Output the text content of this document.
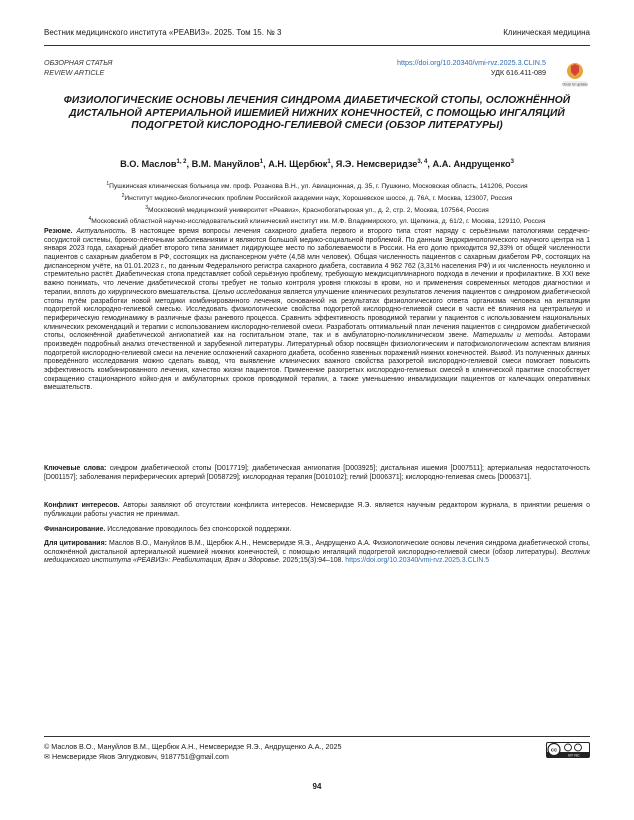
Вестник медицинского института «РЕАВИЗ». 2025. Том 15. № 3	Клиническая медицина
ОБЗОРНАЯ СТАТЬЯ
REVIEW ARTICLE
https://doi.org/10.20340/vmi-rvz.2025.3.CLIN.5
УДК 616.411-089
Check for updates
ФИЗИОЛОГИЧЕСКИЕ ОСНОВЫ ЛЕЧЕНИЯ СИНДРОМА ДИАБЕТИЧЕСКОЙ СТОПЫ, ОСЛОЖНЁННОЙ ДИСТАЛЬНОЙ АРТЕРИАЛЬНОЙ ИШЕМИЕЙ НИЖНИХ КОНЕЧНОСТЕЙ, С ПОМОЩЬЮ ИНГАЛЯЦИЙ ПОДОГРЕТОЙ КИСЛОРОДНО-ГЕЛИЕВОЙ СМЕСИ (ОБЗОР ЛИТЕРАТУРЫ)
В.О. Маслов$^{1, 2}$, В.М. Мануйлов$^1$, А.Н. Щербюк$^1$, Я.Э. Немсверидзе$^{3, 4}$, А.А. Андрущенко$^3$
$^1$Пушкинская клиническая больница им. проф. Розанова В.Н., ул. Авиационная, д. 35, г. Пушкино, Московская область, 141206, Россия
$^2$Институт медико-биологических проблем Российской академии наук, Хорошевское шоссе, д. 76А, г. Москва, 123007, Россия
$^3$Московский медицинский университет «Реавиз», Краснобогатырская ул., д. 2, стр. 2, Москва, 107564, Россия
$^4$Московский областной научно-исследовательский клинический институт им. М.Ф. Владимирского, ул. Щепкина, д. 61/2, г. Москва, 129110, Россия
Резюме. Актуальность. В настоящее время вопросы лечения сахарного диабета первого и второго типа стоят наряду с серьёзными патологиями сердечно-сосудистой системы, бронхо-лёгочными заболеваниями и являются большой медико-социальной проблемой. По данным Эндокринологического научного центра на 1 января 2023 года, сахарный диабет второго типа занимает лидирующее место по заболеваемости в России. На его долю приходится 92,33% от общей численности пациентов с сахарным диабетом в РФ, состоящих на диспансерном учёте (4,58 млн человек). Общая численность пациентов с сахарным диабетом РФ, состоящих на диспансерном учёте, на 01.01.2023 г., по данным Федерального регистра сахарного диабета, составила 4 962 762 (3,31% населения РФ) и их численность неуклонно и стремительно растёт. Диабетическая стопа представляет собой серьёзную проблему, требующую междисциплинарного подхода в лечении и профилактике. В XXI веке важно понимать, что лечение диабетической стопы требует не только контроля уровня глюкозы в крови, но и применения современных методов диагностики и терапии, вплоть до хирургического вмешательства. Целью исследования является улучшение клинических результатов лечения пациентов с синдромом диабетической стопы путём разработки новой методики комбинированного лечения, основанной на результатах физиологического ответа организма человека на ингаляции подогретой кислородно-гелиевой смесью. Исследовать физиологические свойства подогретой кислородно-гелиевой смеси в части её влияния на центральную и периферическую гемодинамику в различные фазы раневого процесса. Сравнить эффективность проводимой терапии у пациентов с использованием национальных клинических рекомендаций и терапии с использованием кислородно-гелиевой смеси. Разработать оптимальный план лечения пациентов с синдромом диабетической стопы, осложнённой диабетической ангиопатией как на госпитальном этапе, так и в амбулаторно-поликлиническом звене. Материалы и методы. Авторами произведён подробный анализ отечественной и зарубежной литературы. Литературный обзор посвящён физиологическим и патофизиологическим аспектам влияния подогретой кислородно-гелиевой смеси на лечение осложнений сахарного диабета, особенно язвенных поражений нижних конечностей. Вывод. Из полученных данных проведённого исследования можно сделать вывод, что выявление клинических важного свойства разогретой кислородно-гелиевой смеси помогает повысить эффективность комбинированного лечения, качество жизни пациентов. Применение разогретых кислородно-гелиевых смесей в клинической практике способствует сокращению стационарного койко-дня и амбулаторных сроков проводимой терапии, а также уменьшению инвалидизации пациентов от калечащих оперативных вмешательств.
Ключевые слова: синдром диабетической стопы [D017719]; диабетическая ангиопатия [D003925]; дистальная ишемия [D007511]; артериальная недостаточность [D001157]; заболевания периферических артерий [D058729]; кислородная терапия [D010102]; гелий [D006371]; кислородно-гелиевая смесь [D006371].
Конфликт интересов. Авторы заявляют об отсутствии конфликта интересов. Немсверидзе Я.Э. является научным редактором журнала, в принятии решения о публикации работы участия не принимал.
Финансирование. Исследование проводилось без спонсорской поддержки.
Для цитирования: Маслов В.О., Мануйлов В.М., Щербюк А.Н., Немсверидзе Я.Э., Андрущенко А.А. Физиологические основы лечения синдрома диабетической стопы, осложнённой дистальной артериальной ишемией нижних конечностей, с помощью ингаляций подогретой кислородно-гелиевой смеси (обзор литературы). Вестник медицинского института «РЕАВИЗ»: Реабилитация, Врач и Здоровье. 2025;15(3):94–108. https://doi.org/10.20340/vmi-rvz.2025.3.CLIN.5
© Маслов В.О., Мануйлов В.М., Щербюк А.Н., Немсверидзе Я.Э., Андрущенко А.А., 2025
✉ Немсверидзе Яков Элгуджович, 9187751@gmail.com
cc
BY NC
94
